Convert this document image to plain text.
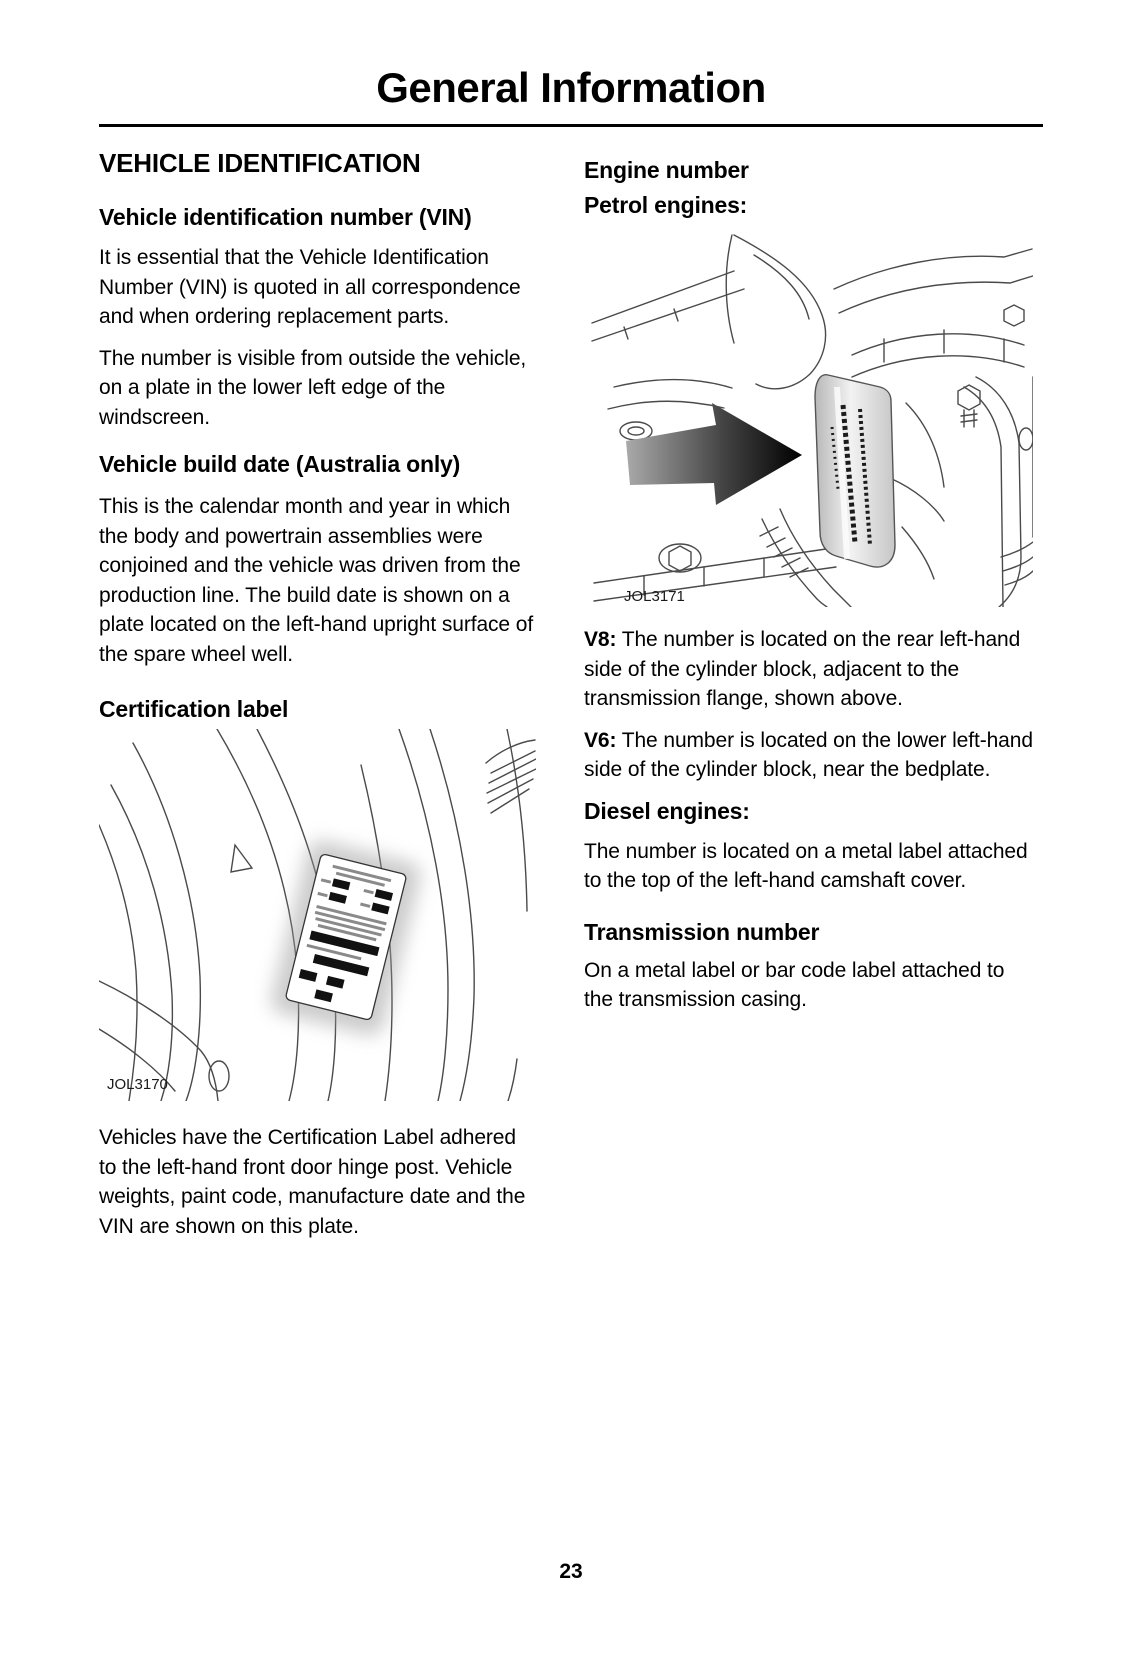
General Information
VEHICLE IDENTIFICATION
Vehicle identification number (VIN)

It is essential that the Vehicle Identification Number (VIN) is quoted in all correspondence and when ordering replacement parts.

The number is visible from outside the vehicle, on a plate in the lower left edge of the windscreen.

Vehicle build date (Australia only)

This is the calendar month and year in which the body and powertrain assemblies were conjoined and the vehicle was driven from the production line. The build date is shown on a plate located on the left-hand upright surface of the spare wheel well.

Certification label
JOL3170

Vehicles have the Certification Label adhered to the left-hand front door hinge post. Vehicle weights, paint code, manufacture date and the VIN are shown on this plate.

Engine number
Petrol engines:
JOL3171

V8: The number is located on the rear left-hand side of the cylinder block, adjacent to the transmission flange, shown above.

V6: The number is located on the lower left-hand side of the cylinder block, near the bedplate.

Diesel engines:

The number is located on a metal label attached to the top of the left-hand camshaft cover.

Transmission number

On a metal label or bar code label attached to the transmission casing.

23
